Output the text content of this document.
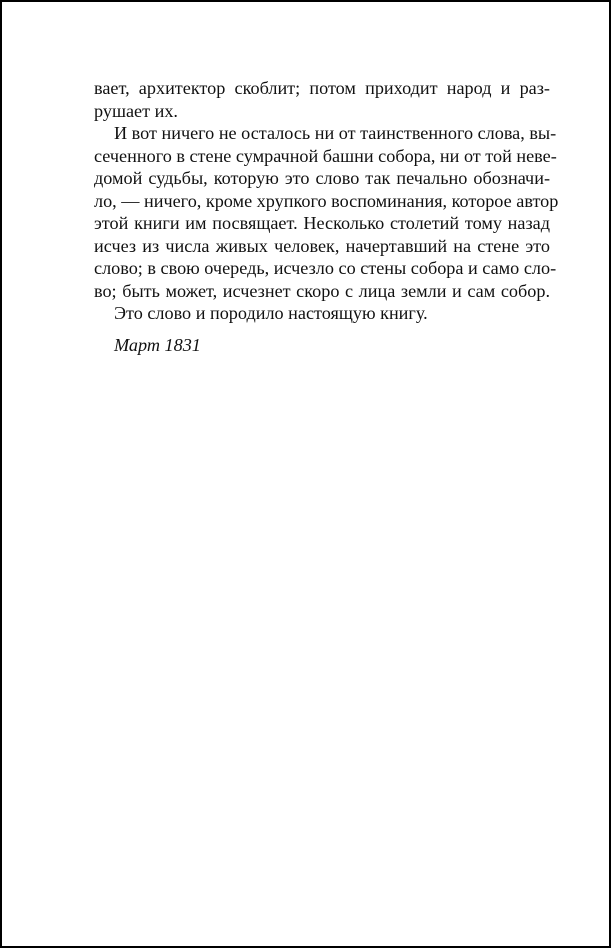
вает, архитектор скоблит; потом приходит народ и раз-
рушает их.
И вот ничего не осталось ни от таинственного слова, вы-
сеченного в стене сумрачной башни собора, ни от той неве-
домой судьбы, которую это слово так печально обозначи-
ло, — ничего, кроме хрупкого воспоминания, которое автор
этой книги им посвящает. Несколько столетий тому назад
исчез из числа живых человек, начертавший на стене это
слово; в свою очередь, исчезло со стены собора и само сло-
во; быть может, исчезнет скоро с лица земли и сам собор.
Это слово и породило настоящую книгу.
Март 1831
